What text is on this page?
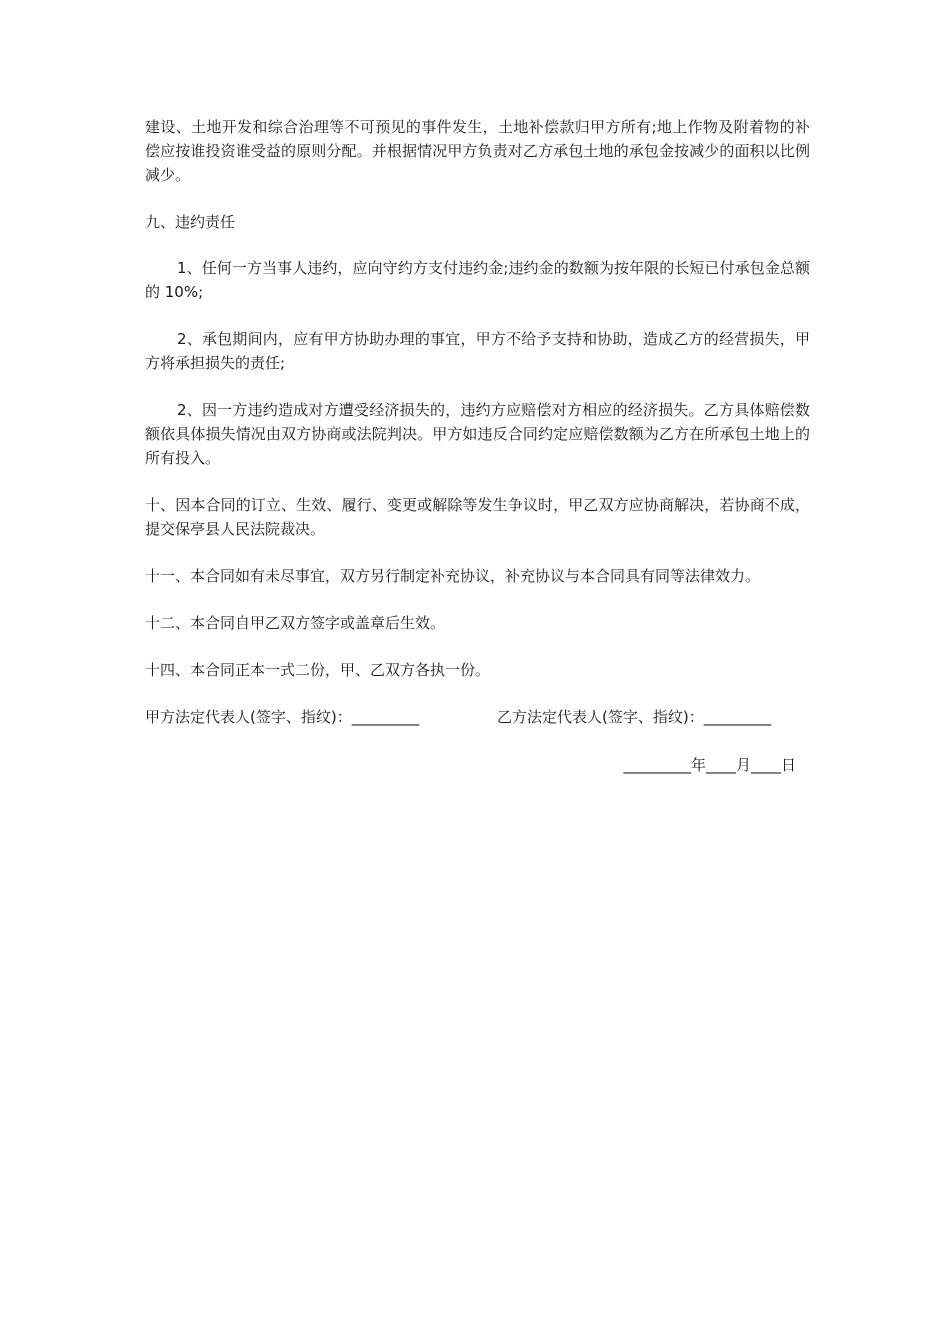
建设、土地开发和综合治理等不可预见的事件发生，土地补偿款归甲方所有;地上作物及附着物的补偿应按谁投资谁受益的原则分配。并根据情况甲方负责对乙方承包土地的承包金按减少的面积以比例减少。

九、违约责任

1、任何一方当事人违约，应向守约方支付违约金;违约金的数额为按年限的长短已付承包金总额的 10%;

2、承包期间内，应有甲方协助办理的事宜，甲方不给予支持和协助，造成乙方的经营损失，甲方将承担损失的责任;

2、因一方违约造成对方遭受经济损失的，违约方应赔偿对方相应的经济损失。乙方具体赔偿数额依具体损失情况由双方协商或法院判决。甲方如违反合同约定应赔偿数额为乙方在所承包土地上的所有投入。

十、因本合同的订立、生效、履行、变更或解除等发生争议时，甲乙双方应协商解决，若协商不成，提交保亭县人民法院裁决。

十一、本合同如有未尽事宜，双方另行制定补充协议，补充协议与本合同具有同等法律效力。

十二、本合同自甲乙双方签字或盖章后生效。

十四、本合同正本一式二份，甲、乙双方各执一份。

甲方法定代表人(签字、指纹)：_________	乙方法定代表人(签字、指纹)：_________
_________年____月____日
